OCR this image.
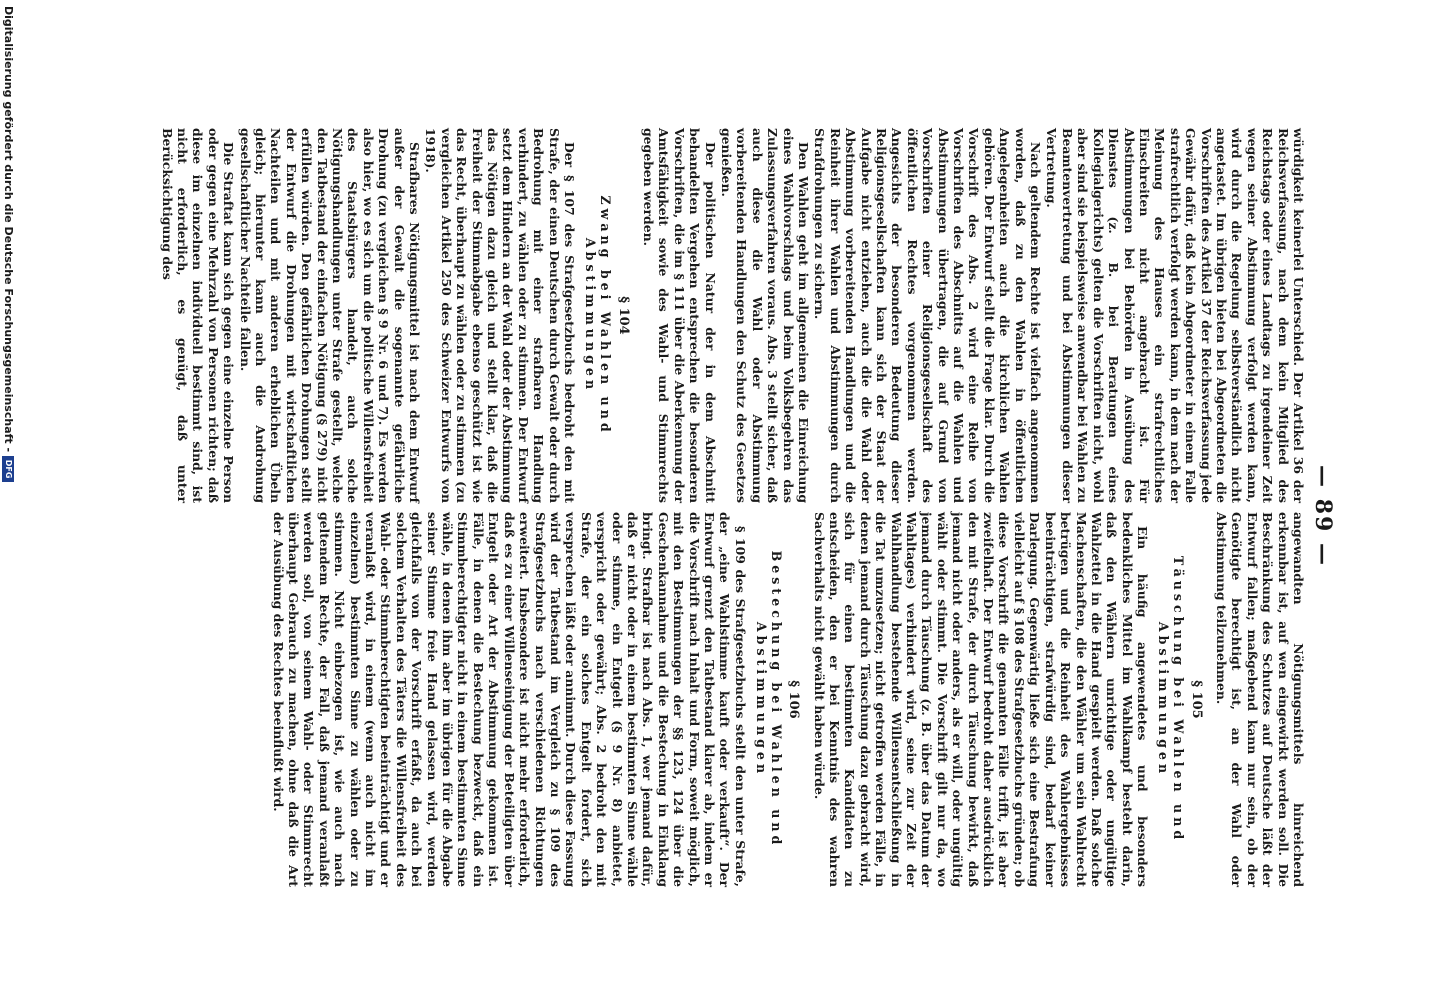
— 89 —

würdigkeit keinerlei Unterschied. Der Artikel 36 der Reichsverfassung, nach dem kein Mitglied des Reichstags oder eines Landtags zu irgendeiner Zeit wegen seiner Abstimmung verfolgt werden kann, wird durch die Regelung selbstverständlich nicht angetastet. Im übrigen bieten bei Abgeordneten die Vorschriften des Artikel 37 der Reichsverfassung jede Gewähr dafür, daß kein Abgeordneter in einem Falle strafrechtlich verfolgt werden kann, in dem nach der Meinung des Hauses ein strafrechtliches Einschreiten nicht angebracht ist. Für Abstimmungen bei Behörden in Ausübung des Dienstes (z. B. bei Beratungen eines Kollegialgerichts) gelten die Vorschriften nicht, wohl aber sind sie beispielsweise anwendbar bei Wahlen zu Beamtenvertretung und bei Abstimmungen dieser Vertretung.

Nach geltendem Rechte ist vielfach angenommen worden, daß zu den Wahlen in öffentlichen Angelegenheiten auch die kirchlichen Wahlen gehören. Der Entwurf stellt die Frage klar. Durch die Vorschrift des Abs. 2 wird eine Reihe von Vorschriften des Abschnitts auf die Wahlen und Abstimmungen übertragen, die auf Grund von Vorschriften einer Religionsgesellschaft des öffentlichen Rechtes vorgenommen werden. Angesichts der besonderen Bedeutung dieser Religionsgesellschaften kann sich der Staat der Aufgabe nicht entziehen, auch die die Wahl oder Abstimmung vorbereitenden Handlungen und die Reinheit ihrer Wahlen und Abstimmungen durch Strafdrohungen zu sichern.

Den Wahlen geht im allgemeinen die Einreichung eines Wahlvorschlags und beim Volksbegehren das Zulassungsverfahren voraus. Abs. 3 stellt sicher, daß auch diese die Wahl oder Abstimmung vorbereitenden Handlungen den Schutz des Gesetzes genießen.

Der politischen Natur der in dem Abschnitt behandelten Vergehen entsprechen die besonderen Vorschriften, die im § 111 über die Aberkennung der Amtsfähigkeit sowie des Wahl- und Stimmrechts gegeben werden.

§ 104
Zwang bei Wahlen und Abstimmungen

Der § 107 des Strafgesetzbuchs bedroht den mit Strafe, der einen Deutschen durch Gewalt oder durch Bedrohung mit einer strafbaren Handlung verhindert, zu wählen oder zu stimmen. Der Entwurf setzt dem Hindern an der Wahl oder der Abstimmung das Nötigen dazu gleich und stellt klar, daß die Freiheit der Stimmabgabe ebenso geschützt ist wie das Recht, überhaupt zu wählen oder zu stimmen (zu vergleichen Artikel 250 des Schweizer Entwurfs von 1918).

Strafbares Nötigungsmittel ist nach dem Entwurf außer der Gewalt die sogenannte gefährliche Drohung (zu vergleichen § 9 Nr. 6 und 7). Es werden also hier, wo es sich um die politische Willensfreiheit des Staatsbürgers handelt, auch solche Nötigungshandlungen unter Strafe gestellt, welche den Tatbestand der einfachen Nötigung (§ 279) nicht erfüllen würden. Den gefährlichen Drohungen stellt der Entwurf die Drohungen mit wirtschaftlichen Nachteilen und mit anderen erheblichen Übeln gleich; hierunter kann auch die Androhung gesellschaftlicher Nachteile fallen.

Die Straftat kann sich gegen eine einzelne Person oder gegen eine Mehrzahl von Personen richten; daß diese im einzelnen individuell bestimmt sind, ist nicht erforderlich, es genügt, daß unter Berücksichtigung des

angewandten Nötigungsmittels hinreichend erkennbar ist, auf wen eingewirkt werden soll. Die Beschränkung des Schutzes auf Deutsche läßt der Entwurf fallen; maßgebend kann nur sein, ob der Genötigte berechtigt ist, an der Wahl oder Abstimmung teilzunehmen.

§ 105
Täuschung bei Wahlen und Abstimmungen

Ein häufig angewendetes und besonders bedenkliches Mittel im Wahlkampf besteht darin, daß den Wählern unrichtige oder ungültige Wahlzettel in die Hand gespielt werden. Daß solche Machenschaften, die den Wähler um sein Wahlrecht betrügen und die Reinheit des Wahlergebnisses beeinträchtigen, strafwürdig sind, bedarf keiner Darlegung. Gegenwärtig ließe sich eine Bestrafung vielleicht auf § 108 des Strafgesetzbuchs gründen; ob diese Vorschrift die genannten Fälle trifft, ist aber zweifelhaft. Der Entwurf bedroht daher ausdrücklich den mit Strafe, der durch Täuschung bewirkt, daß jemand nicht oder anders, als er will, oder ungültig wählt oder stimmt. Die Vorschrift gilt nur da, wo jemand durch Täuschung (z. B. über das Datum der Wahltages) verhindert wird, seine zur Zeit der Wahlhandlung bestehende Willensentschließung in die Tat umzusetzen; nicht getroffen werden Fälle, in denen jemand durch Täuschung dazu gebracht wird, sich für einen bestimmten Kandidaten zu entscheiden, den er bei Kenntnis des wahren Sachverhalts nicht gewählt haben würde.

§ 106
Bestechung bei Wahlen und Abstimmungen

§ 109 des Strafgesetzbuchs stellt den unter Strafe, der „eine Wahlstimme kauft oder verkauft“. Der Entwurf grenzt den Tatbestand klarer ab, indem er die Vorschrift nach Inhalt und Form, soweit möglich, mit den Bestimmungen der §§ 123, 124 über die Geschenkannahme und die Bestechung in Einklang bringt. Strafbar ist nach Abs. 1, wer jemand dafür, daß er nicht oder in einem bestimmten Sinne wähle oder stimme, ein Entgelt (§ 9 Nr. 8) anbietet, verspricht oder gewährt; Abs. 2 bedroht den mit Strafe, der ein solches Entgelt fordert, sich versprechen läßt oder annimmt. Durch diese Fassung wird der Tatbestand im Vergleich zu § 109 des Strafgesetzbuchs nach verschiedenen Richtungen erweitert. Insbesondere ist nicht mehr erforderlich, daß es zu einer Willenseinigung der Beteiligten über Entgelt oder Art der Abstimmung gekommen ist. Fälle, in denen die Bestechung bezweckt, daß ein Stimmberechtigter nicht in einem bestimmten Sinne wähle, in denen ihm aber im übrigen für die Abgabe seiner Stimme freie Hand gelassen wird, werden gleichfalls von der Vorschrift erfaßt, da auch bei solchem Verhalten des Täters die Willensfreiheit des Wahl- oder Stimmberechtigten beeinträchtigt und er veranlaßt wird, in einem (wenn auch nicht im einzelnen) bestimmten Sinne zu wählen oder zu stimmen. Nicht einbezogen ist, wie auch nach geltendem Rechte, der Fall, daß jemand veranlaßt werden soll, von seinem Wahl- oder Stimmrecht überhaupt Gebrauch zu machen, ohne daß die Art der Ausübung des Rechtes beeinflußt wird.

Digitalisierung gefördert durch die Deutsche Forschungsgemeinschaft -
DFG
